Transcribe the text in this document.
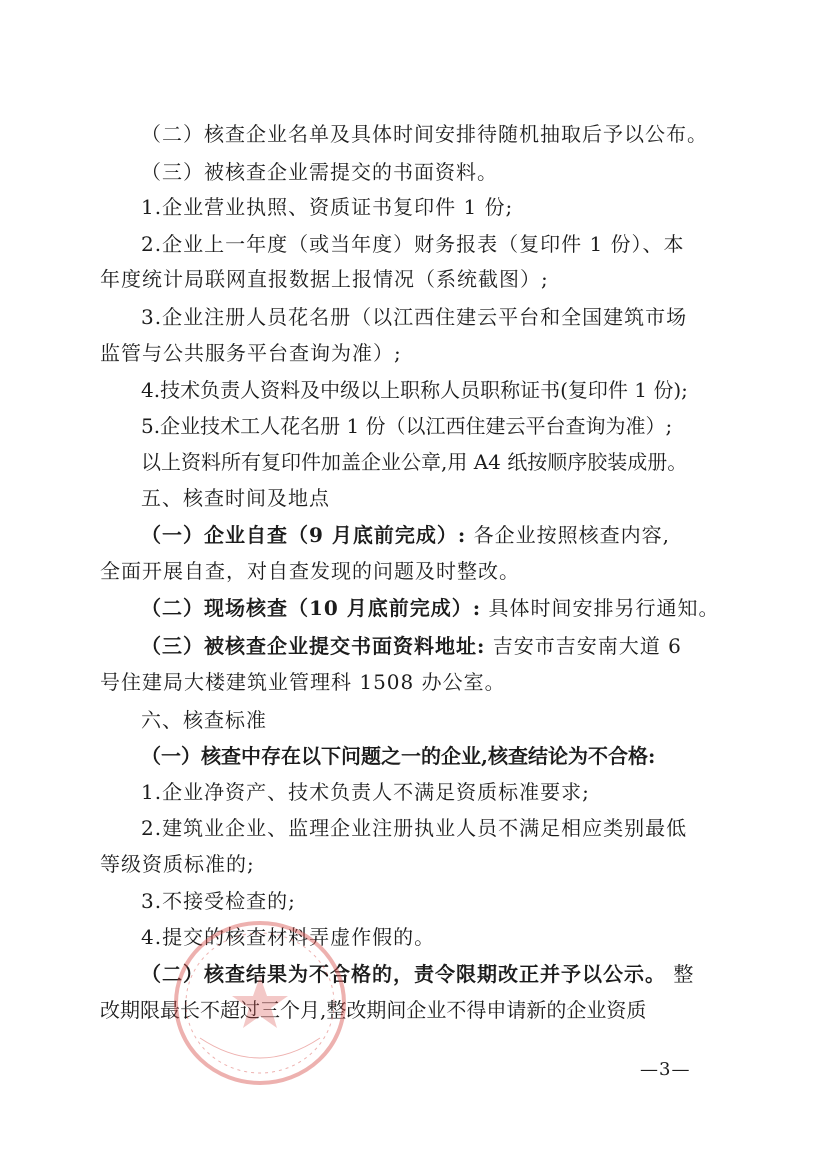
（二）核查企业名单及具体时间安排待随机抽取后予以公布。
（三）被核查企业需提交的书面资料。
1.企业营业执照、资质证书复印件 1 份;
2.企业上一年度（或当年度）财务报表（复印件 1 份）、本
年度统计局联网直报数据上报情况（系统截图）;
3.企业注册人员花名册（以江西住建云平台和全国建筑市场
监管与公共服务平台查询为准）;
4.技术负责人资料及中级以上职称人员职称证书(复印件 1 份);
5.企业技术工人花名册 1 份（以江西住建云平台查询为准）;
以上资料所有复印件加盖企业公章,用 A4 纸按顺序胶装成册。
五、核查时间及地点
（一）企业自查（9 月底前完成）: 各企业按照核查内容,
全面开展自查，对自查发现的问题及时整改。
（二）现场核查（10 月底前完成）: 具体时间安排另行通知。
（三）被核查企业提交书面资料地址: 吉安市吉安南大道 6
号住建局大楼建筑业管理科 1508 办公室。
六、核查标准
（一）核查中存在以下问题之一的企业,核查结论为不合格:
1.企业净资产、技术负责人不满足资质标准要求;
2.建筑业企业、监理企业注册执业人员不满足相应类别最低
等级资质标准的;
3.不接受检查的;
4.提交的核查材料弄虚作假的。
（二）核查结果为不合格的，责令限期改正并予以公示。 整
改期限最长不超过三个月,整改期间企业不得申请新的企业资质
—3—
